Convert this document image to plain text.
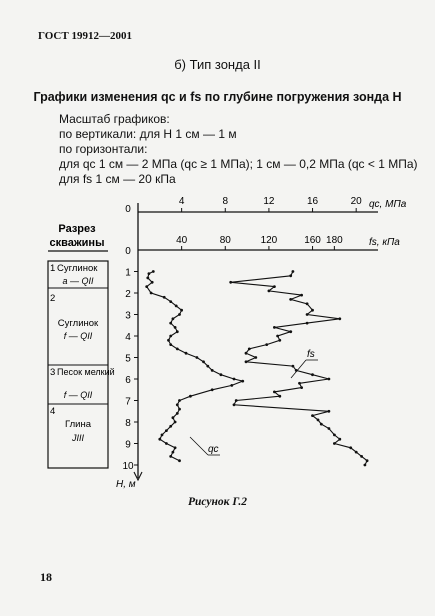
ГОСТ 19912—2001
б) Тип зонда II
Графики изменения qc и fs по глубине погружения зонда H
Масштаб графиков:
по вертикали: для H 1 см — 1 м
по горизонтали:
для qc 1 см — 2 МПа (qc ≥ 1 МПа); 1 см — 0,2 МПа (qc < 1 МПа)
для fs 1 см — 20 кПа
Разрез
скважины
1 Суглинок
a — QII
2
Суглинок
f — QII
3 Песок мелкий
f — QII
4
Глина
JIII
0
0
qc, МПа
fs, кПа
H, м
4	8	12	16	20
40	80	120	160 180
1
2
3
4
5
6
7
8
9
10
qc
fs
Рисунок Г.2
18
